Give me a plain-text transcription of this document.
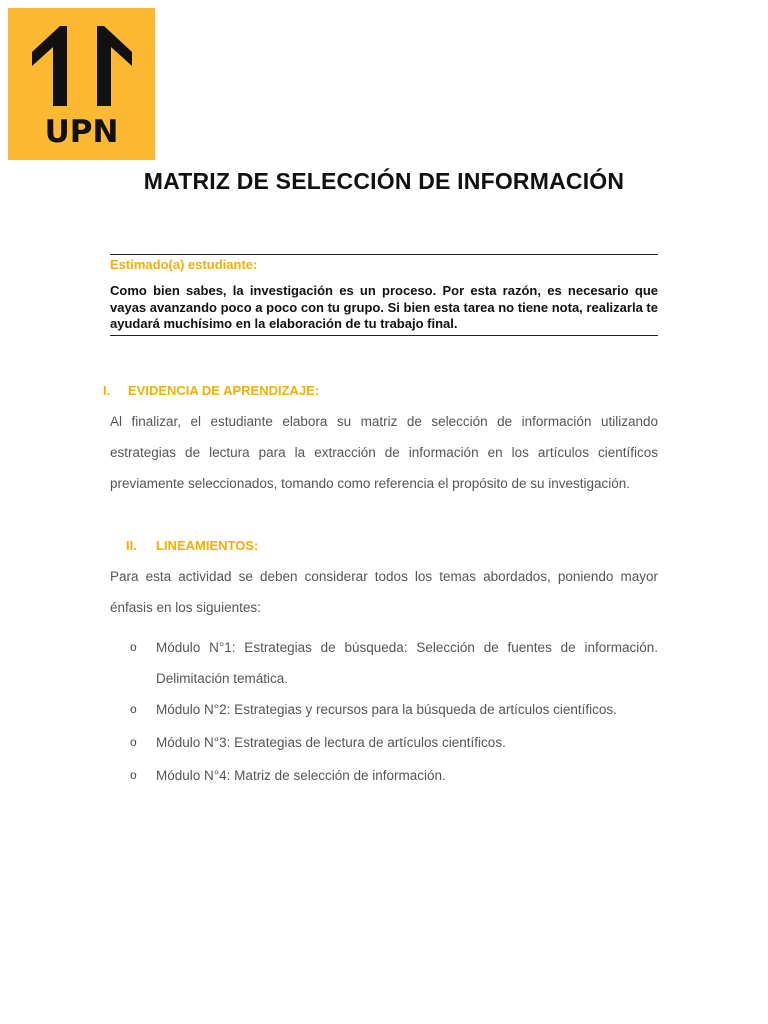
UPN
MATRIZ DE SELECCIÓN DE INFORMACIÓN
Estimado(a) estudiante:
Como bien sabes, la investigación es un proceso. Por esta razón, es necesario que vayas avanzando poco a poco con tu grupo. Si bien esta tarea no tiene nota, realizarla te ayudará muchísimo en la elaboración de tu trabajo final.
I. EVIDENCIA DE APRENDIZAJE:
Al finalizar, el estudiante elabora su matriz de selección de información utilizando estrategias de lectura para la extracción de información en los artículos científicos previamente seleccionados, tomando como referencia el propósito de su investigación.
II. LINEAMIENTOS:
Para esta actividad se deben considerar todos los temas abordados, poniendo mayor énfasis en los siguientes:
o Módulo N°1: Estrategias de búsqueda: Selección de fuentes de información. Delimitación temática.
o Módulo N°2: Estrategias y recursos para la búsqueda de artículos científicos.
o Módulo N°3: Estrategias de lectura de artículos científicos.
o Módulo N°4: Matriz de selección de información.
